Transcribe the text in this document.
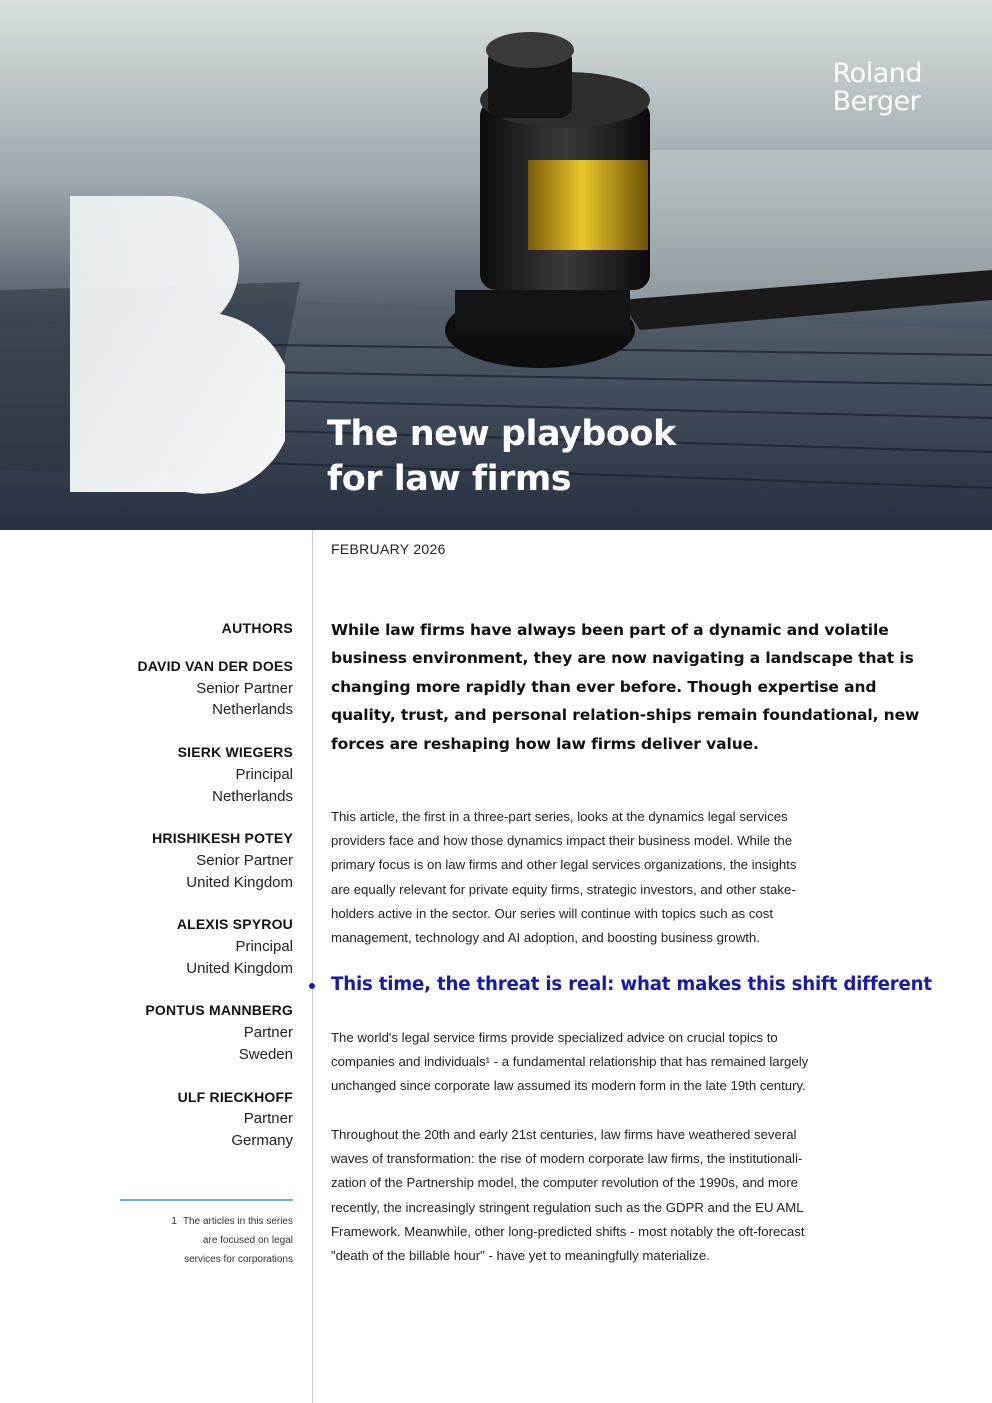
Roland
Berger
The new playbook
for law firms
FEBRUARY 2026
AUTHORS
DAVID VAN DER DOES
Senior Partner
Netherlands
SIERK WIEGERS
Principal
Netherlands
HRISHIKESH POTEY
Senior Partner
United Kingdom
ALEXIS SPYROU
Principal
United Kingdom
PONTUS MANNBERG
Partner
Sweden
ULF RIECKHOFF
Partner
Germany
1 The articles in this series
are focused on legal
services for corporations

While law firms have always been part of a dynamic and volatile
business environment, they are now navigating a landscape that is
changing more rapidly than ever before. Though expertise and
quality, trust, and personal relation-ships remain foundational, new
forces are reshaping how law firms deliver value.

This article, the first in a three-part series, looks at the dynamics legal services
providers face and how those dynamics impact their business model. While the
primary focus is on law firms and other legal services organizations, the insights
are equally relevant for private equity firms, strategic investors, and other stake-
holders active in the sector. Our series will continue with topics such as cost
management, technology and AI adoption, and boosting business growth.

This time, the threat is real: what makes this shift different

The world's legal service firms provide specialized advice on crucial topics to
companies and individuals¹ - a fundamental relationship that has remained largely
unchanged since corporate law assumed its modern form in the late 19th century.

Throughout the 20th and early 21st centuries, law firms have weathered several
waves of transformation: the rise of modern corporate law firms, the institutionali-
zation of the Partnership model, the computer revolution of the 1990s, and more
recently, the increasingly stringent regulation such as the GDPR and the EU AML
Framework. Meanwhile, other long-predicted shifts - most notably the oft-forecast
"death of the billable hour" - have yet to meaningfully materialize.
